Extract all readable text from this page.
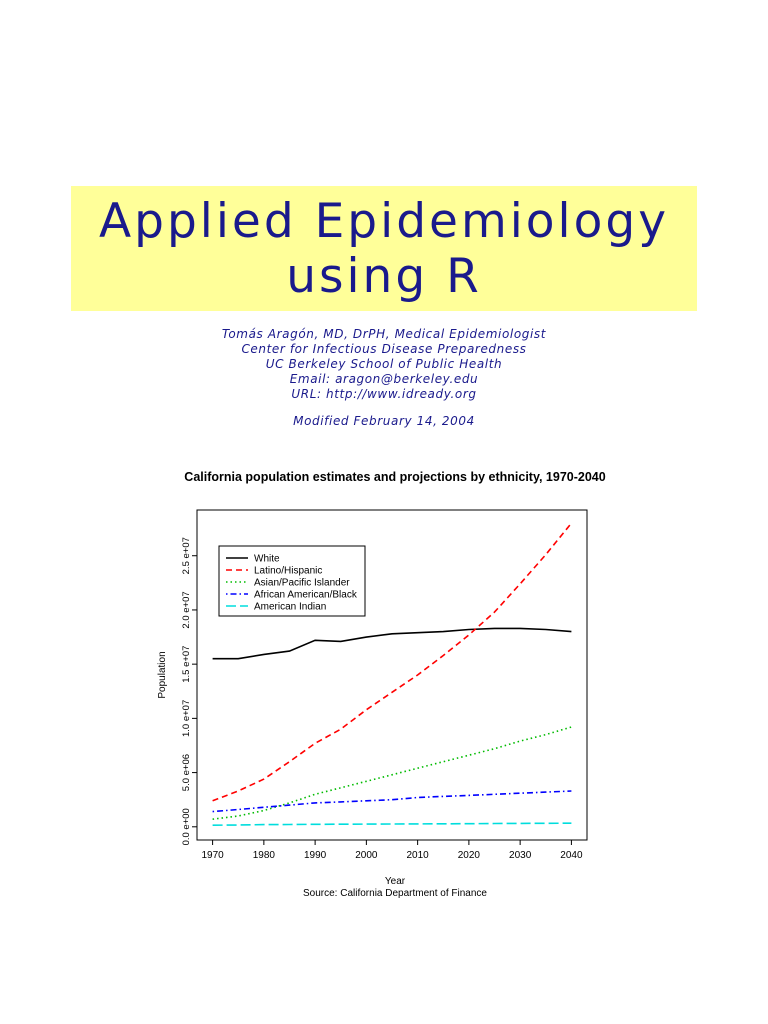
Applied Epidemiology
using R
Tomás Aragón, MD, DrPH, Medical Epidemiologist
Center for Infectious Disease Preparedness
UC Berkeley School of Public Health
Email: aragon@berkeley.edu
URL: http://www.idready.org
Modified February 14, 2004
California population estimates and projections by ethnicity, 1970-2040
0.0 e+00
5.0 e+06
1.0 e+07
1.5 e+07
2.0 e+07
2.5 e+07
1970	1980	1990	2000	2010	2020	2030	2040
Population
Year
Source: California Department of Finance
White
Latino/Hispanic
Asian/Pacific Islander
African American/Black
American Indian
